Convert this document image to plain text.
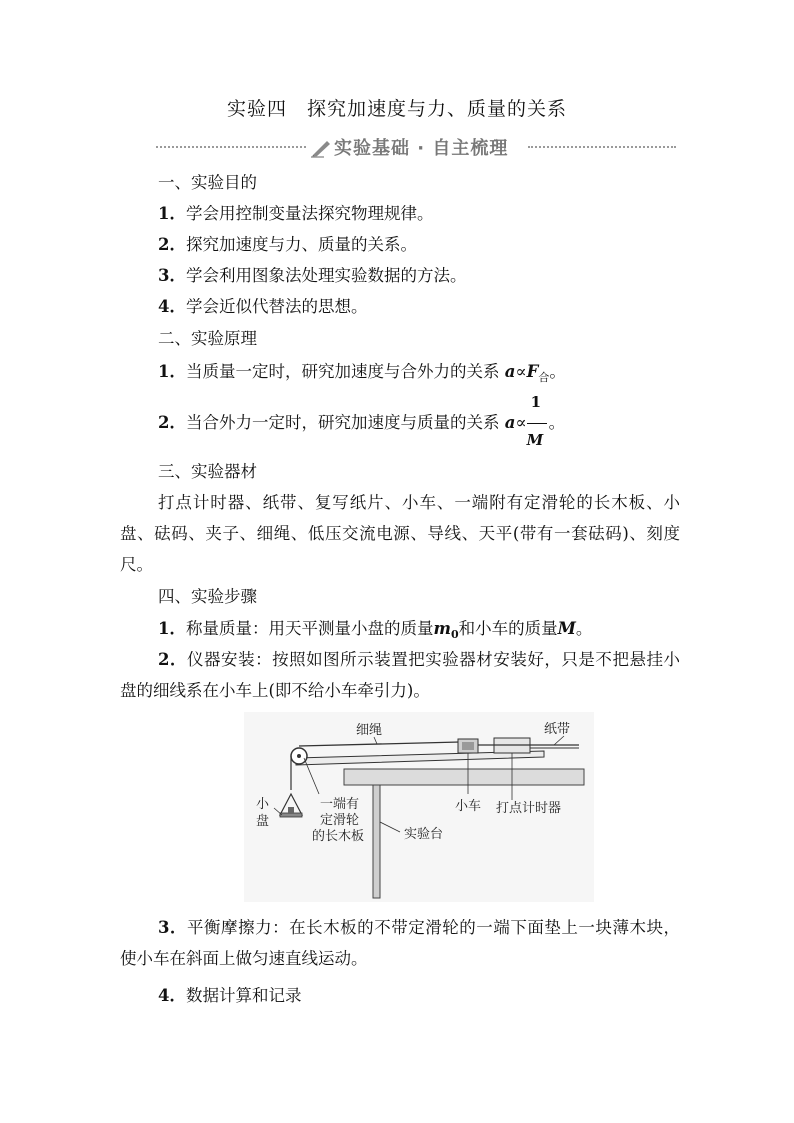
实验四　探究加速度与力、质量的关系
实验基础 · 自主梳理
一、实验目的
1．学会用控制变量法探究物理规律。
2．探究加速度与力、质量的关系。
3．学会利用图象法处理实验数据的方法。
4．学会近似代替法的思想。
二、实验原理
1．当质量一定时，研究加速度与合外力的关系 $a\propto F_合$。
2．当合外力一定时，研究加速度与质量的关系 $a\propto \frac{1}{M}$ 。
三、实验器材
打点计时器、纸带、复写纸片、小车、一端附有定滑轮的长木板、小盘、砝码、夹子、细绳、低压交流电源、导线、天平(带有一套砝码)、刻度尺。
四、实验步骤
1．称量质量：用天平测量小盘的质量$m_0$和小车的质量M。
2．仪器安装：按照如图所示装置把实验器材安装好，只是不把悬挂小盘的细线系在小车上(即不给小车牵引力)。
细绳	纸带
小
盘
一端有
定滑轮
的长木板
小车 打点计时器
实验台
3．平衡摩擦力：在长木板的不带定滑轮的一端下面垫上一块薄木块，使小车在斜面上做匀速直线运动。
4．数据计算和记录
